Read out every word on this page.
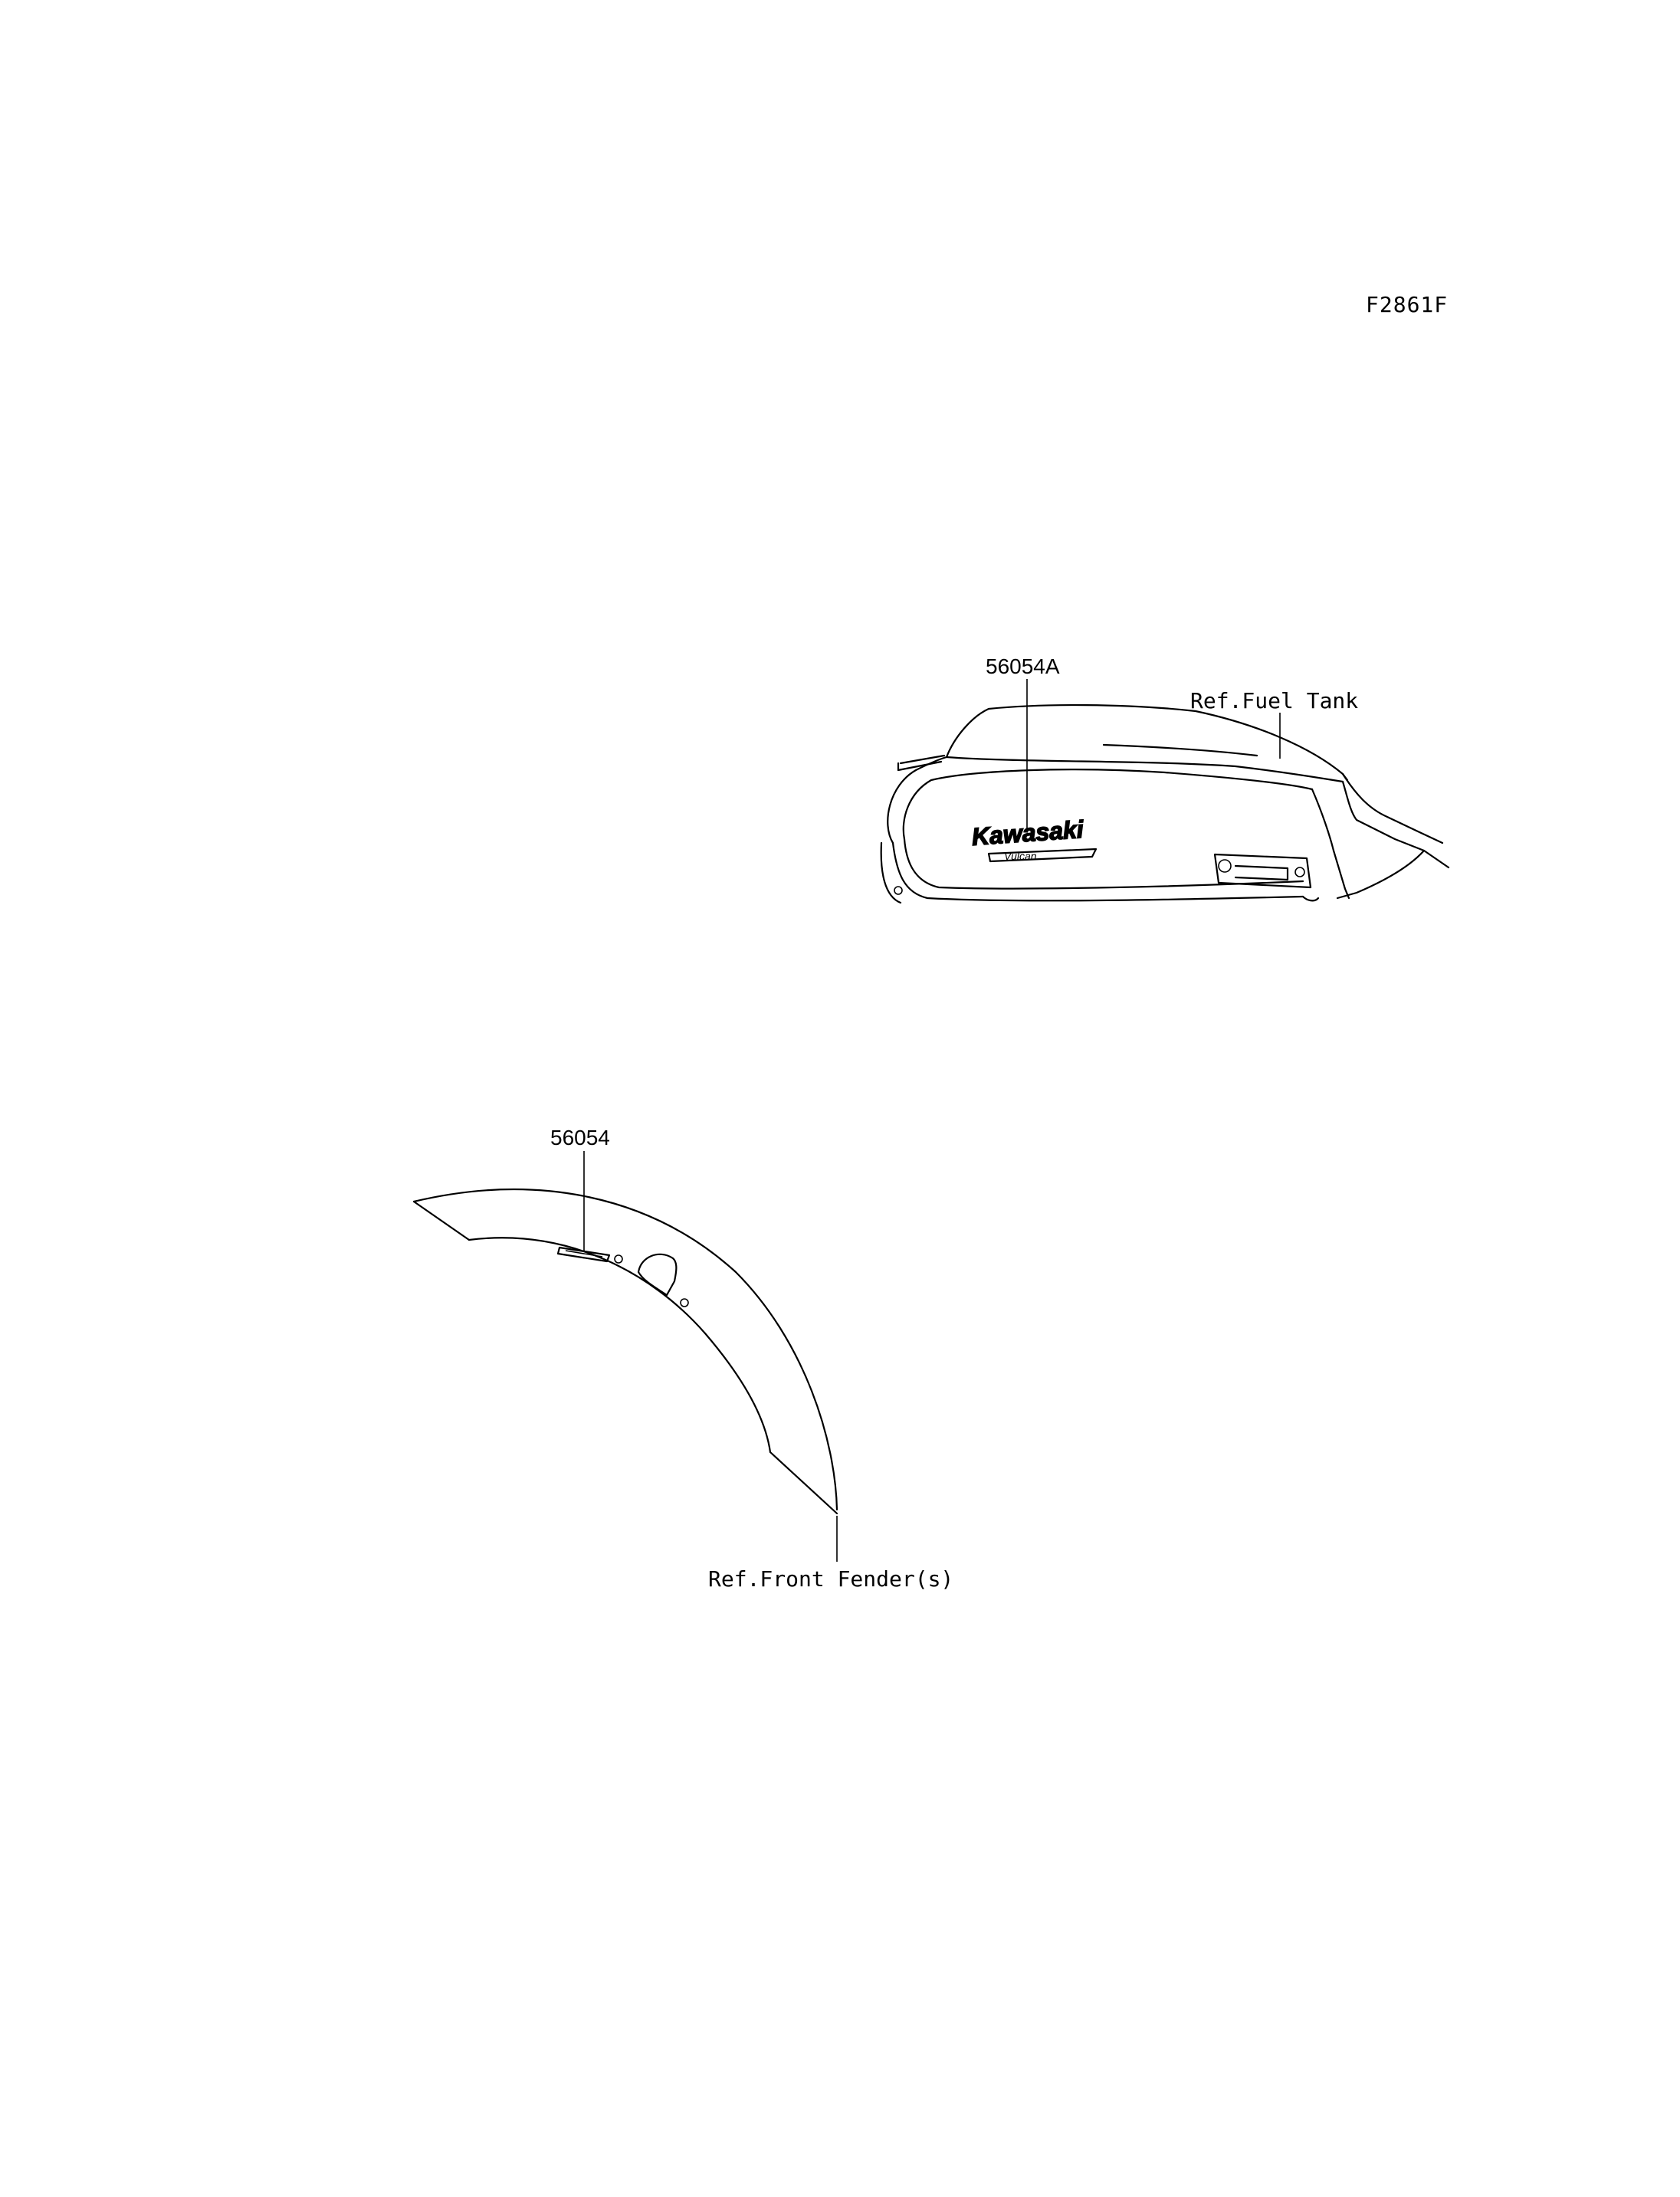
F2861F
Kawasaki
Vulcan
56054A
Ref.Fuel Tank
56054
Ref.Front Fender(s)
